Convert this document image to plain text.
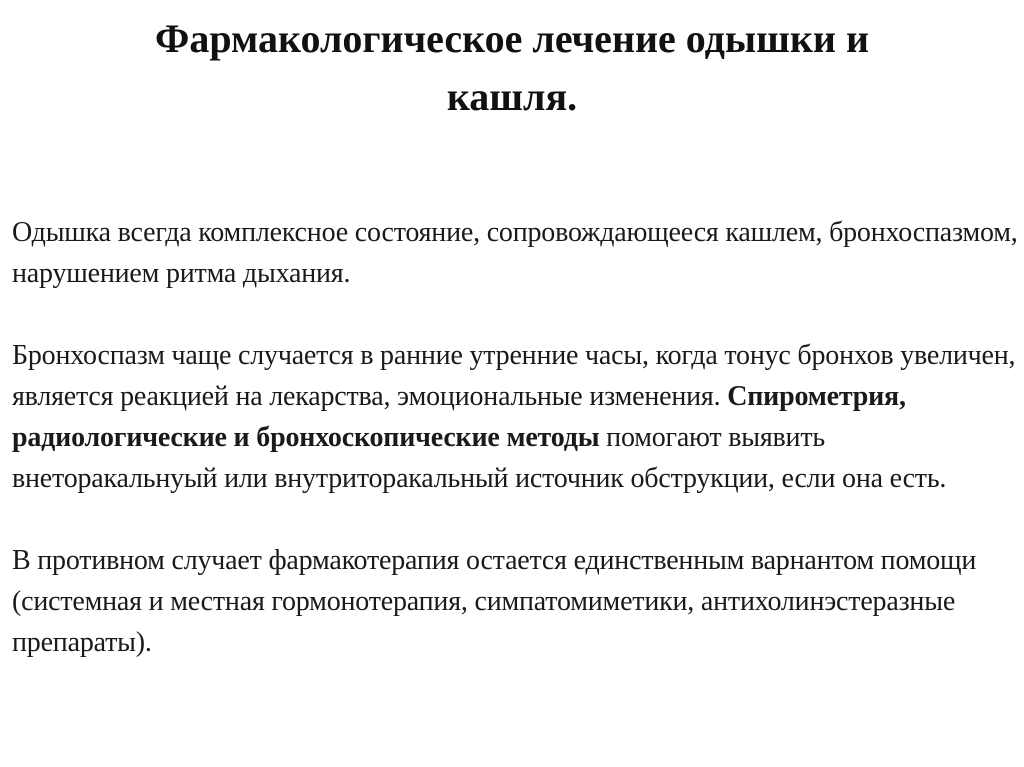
Фармакологическое лечение одышки и
кашля.

Одышка всегда комплексное состояние, сопровождающееся кашлем, бронхоспазмом, нарушением ритма дыхания.

Бронхоспазм чаще случается в ранние утренние часы, когда тонус бронхов увеличен, является реакцией на лекарства, эмоциональные изменения. Спирометрия, радиологические и бронхоскопические методы помогают выявить внеторакальнуый или внутриторакальный источник обструкции, если она есть.

В противном случает фармакотерапия остается единственным варнантом помощи (системная и местная гормонотерапия, симпатомиметики, антихолинэстеразные препараты).
